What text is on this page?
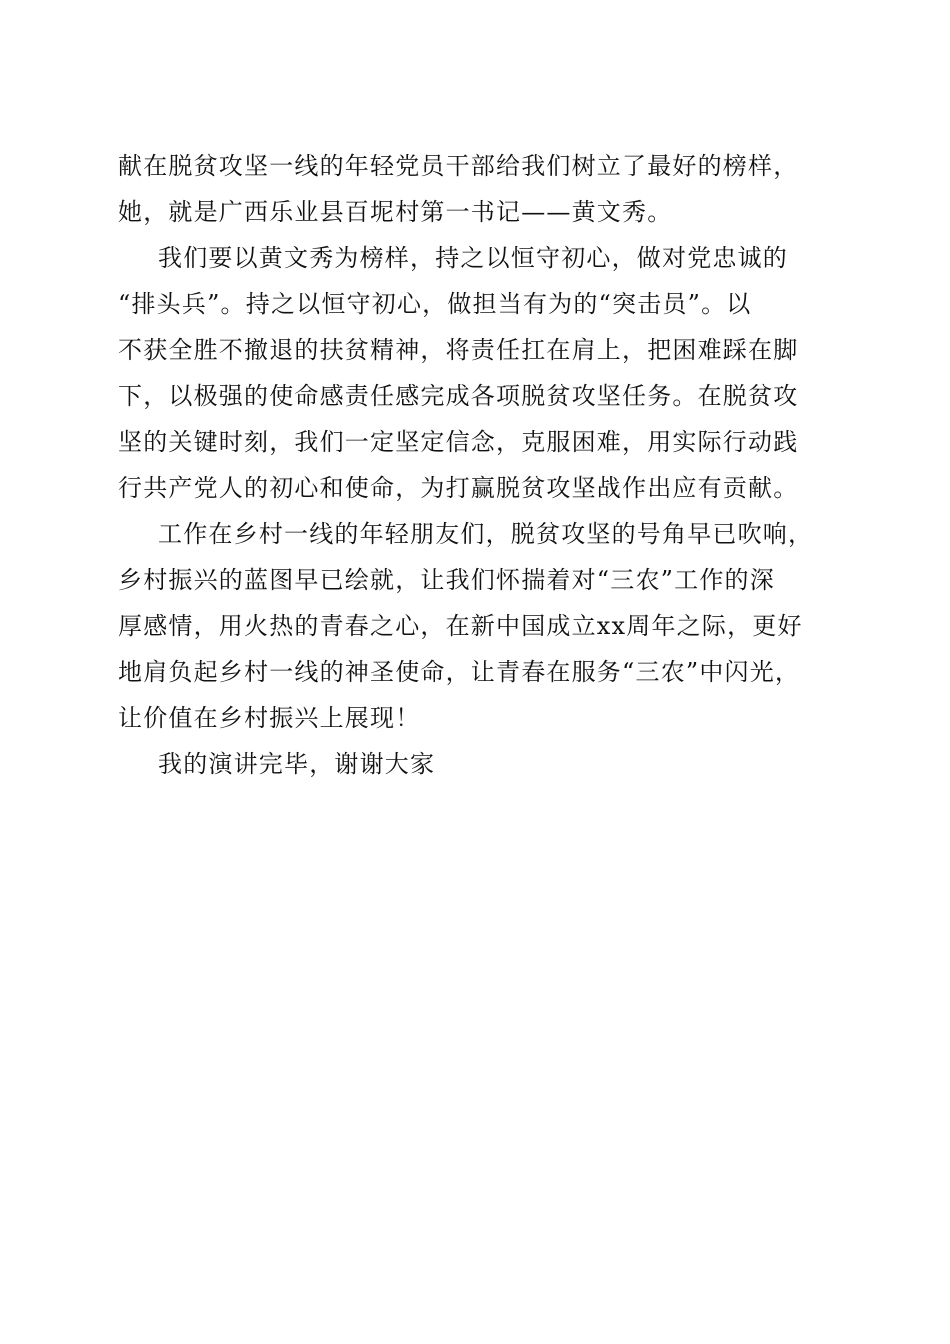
献在脱贫攻坚一线的年轻党员干部给我们树立了最好的榜样，
她，就是广西乐业县百坭村第一书记——黄文秀。

我们要以黄文秀为榜样，持之以恒守初心，做对党忠诚的
“排头兵”。持之以恒守初心，做担当有为的“突击员”。以
不获全胜不撤退的扶贫精神，将责任扛在肩上，把困难踩在脚
下，以极强的使命感责任感完成各项脱贫攻坚任务。在脱贫攻
坚的关键时刻，我们一定坚定信念，克服困难，用实际行动践
行共产党人的初心和使命，为打赢脱贫攻坚战作出应有贡献。

工作在乡村一线的年轻朋友们，脱贫攻坚的号角早已吹响，
乡村振兴的蓝图早已绘就，让我们怀揣着对“三农”工作的深
厚感情，用火热的青春之心，在新中国成立xx周年之际，更好
地肩负起乡村一线的神圣使命，让青春在服务“三农”中闪光，
让价值在乡村振兴上展现！

我的演讲完毕，谢谢大家
